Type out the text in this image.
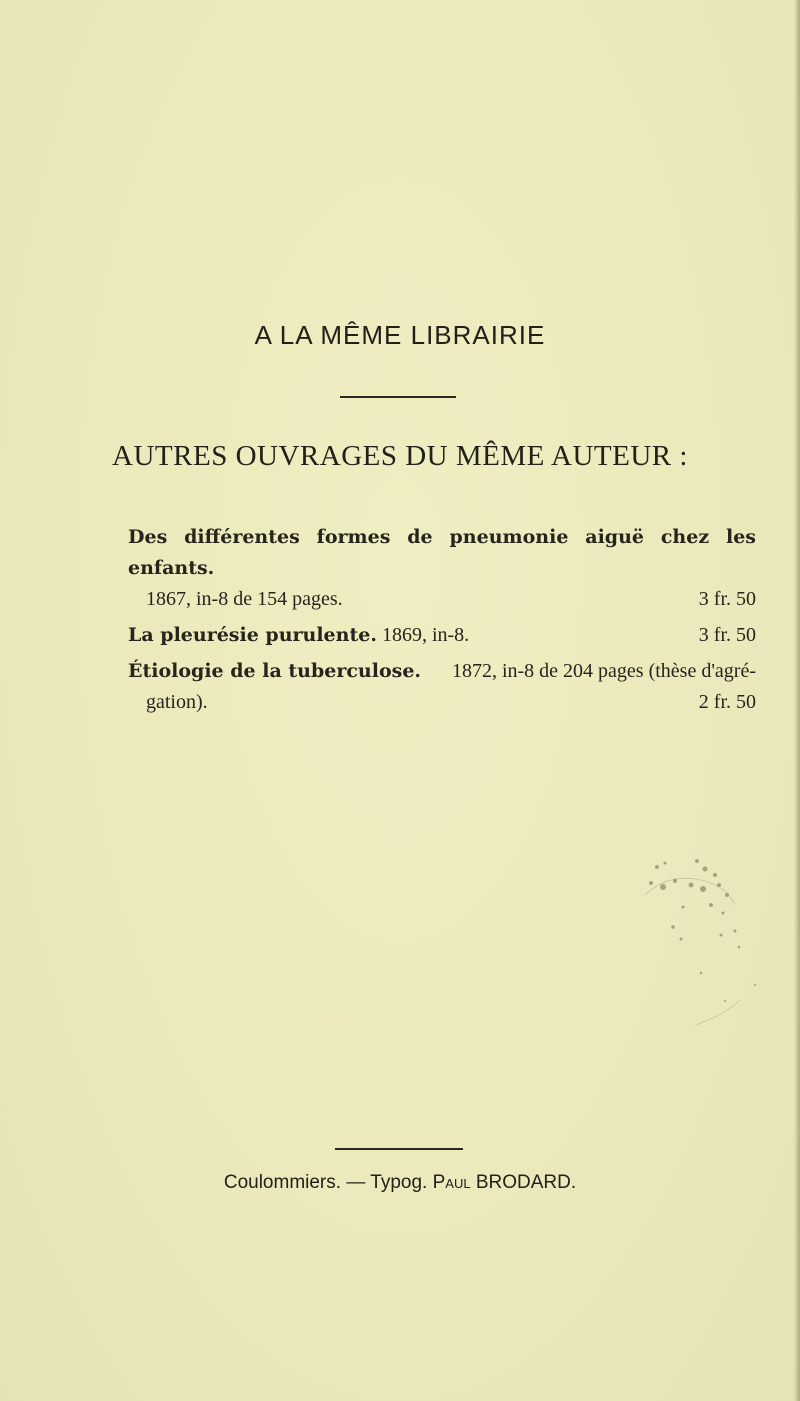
A LA MÊME LIBRAIRIE
AUTRES OUVRAGES DU MÊME AUTEUR :
Des différentes formes de pneumonie aiguë chez les enfants.
1867, in-8 de 154 pages.	3 fr. 50
La pleurésie purulente. 1869, in-8.	3 fr. 50
Étiologie de la tuberculose. 1872, in-8 de 204 pages (thèse d'agré-
gation).	2 fr. 50
Coulommiers. — Typog. Paul BRODARD.
